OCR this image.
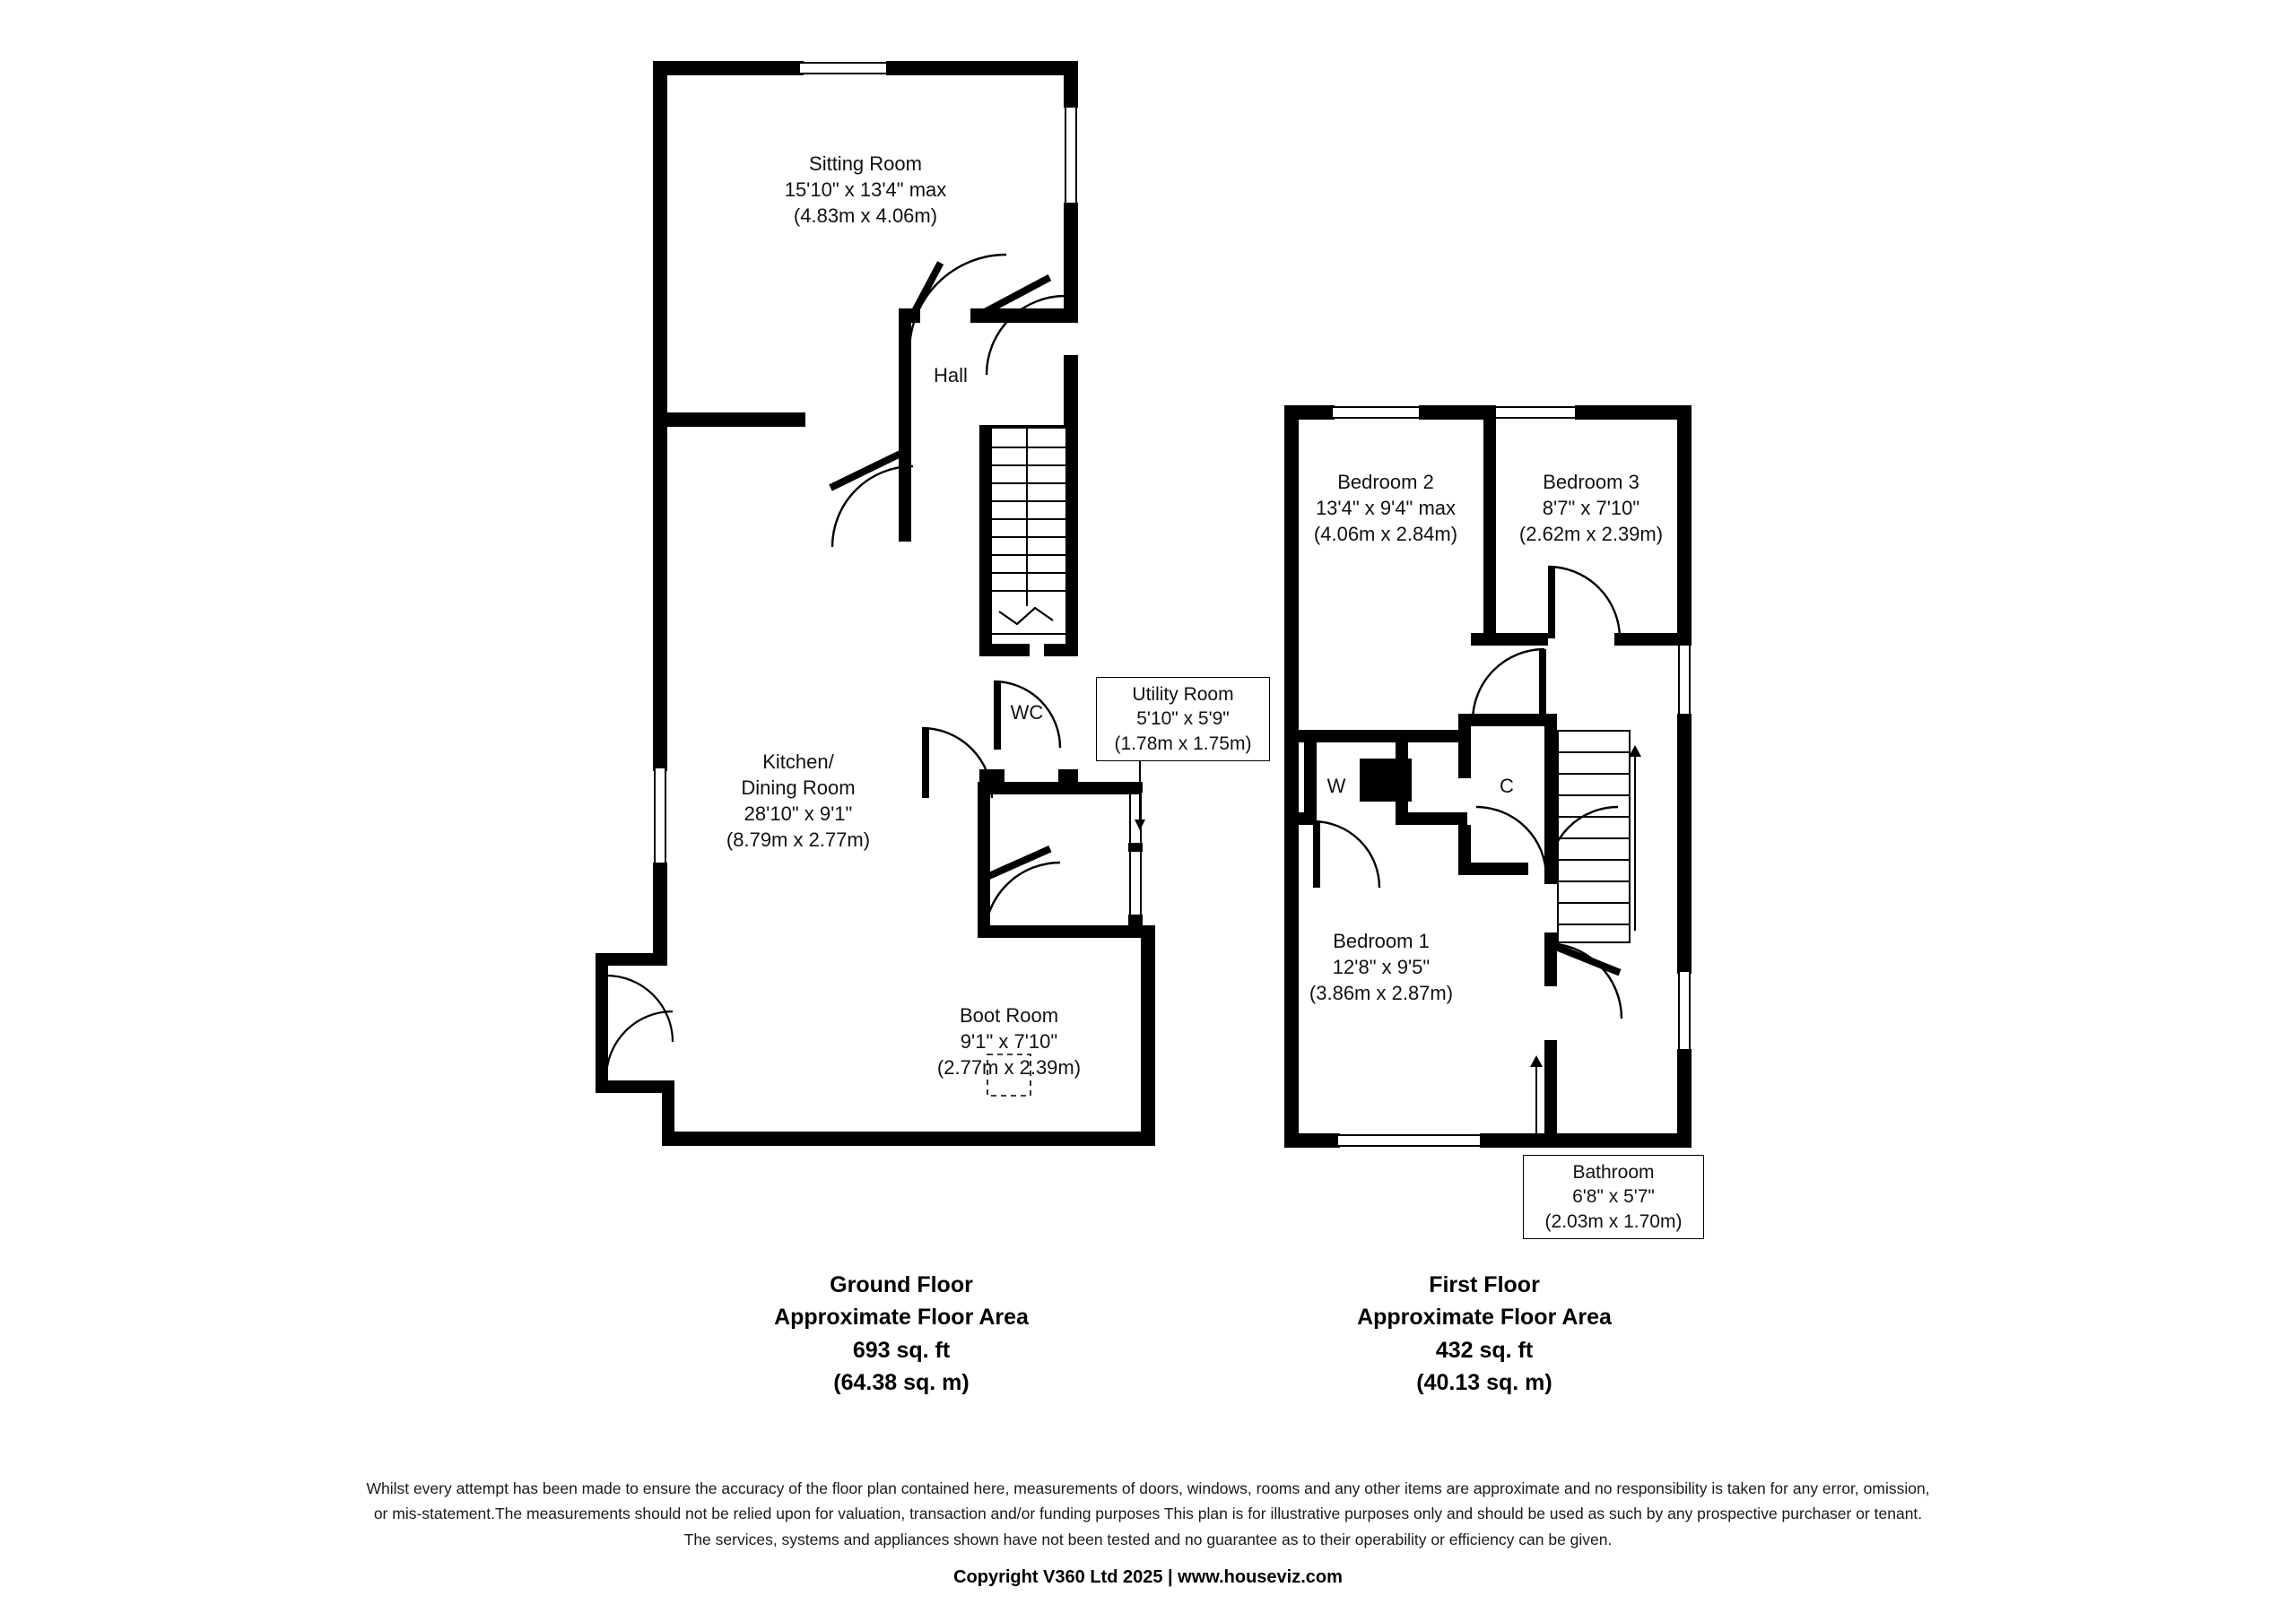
Sitting Room
15'10" x 13'4" max
(4.83m x 4.06m)
Hall
Kitchen/
Dining Room
28'10" x 9'1"
(8.79m x 2.77m)
WC
Utility Room
5'10" x 5'9"
(1.78m x 1.75m)
Boot Room
9'1" x 7'10"
(2.77m x 2.39m)
Bedroom 2
13'4" x 9'4" max
(4.06m x 2.84m)
Bedroom 3
8'7" x 7'10"
(2.62m x 2.39m)
Bedroom 1
12'8" x 9'5"
(3.86m x 2.87m)
Bathroom
6'8" x 5'7"
(2.03m x 1.70m)
W	C
Ground Floor
Approximate Floor Area
693 sq. ft
(64.38 sq. m)
First Floor
Approximate Floor Area
432 sq. ft
(40.13 sq. m)
Whilst every attempt has been made to ensure the accuracy of the floor plan contained here, measurements of doors, windows, rooms and any other items are approximate and no responsibility is taken for any error, omission,
or mis-statement.The measurements should not be relied upon for valuation, transaction and/or funding purposes This plan is for illustrative purposes only and should be used as such by any prospective purchaser or tenant.
The services, systems and appliances shown have not been tested and no guarantee as to their operability or efficiency can be given.
Copyright V360 Ltd 2025 | www.houseviz.com
